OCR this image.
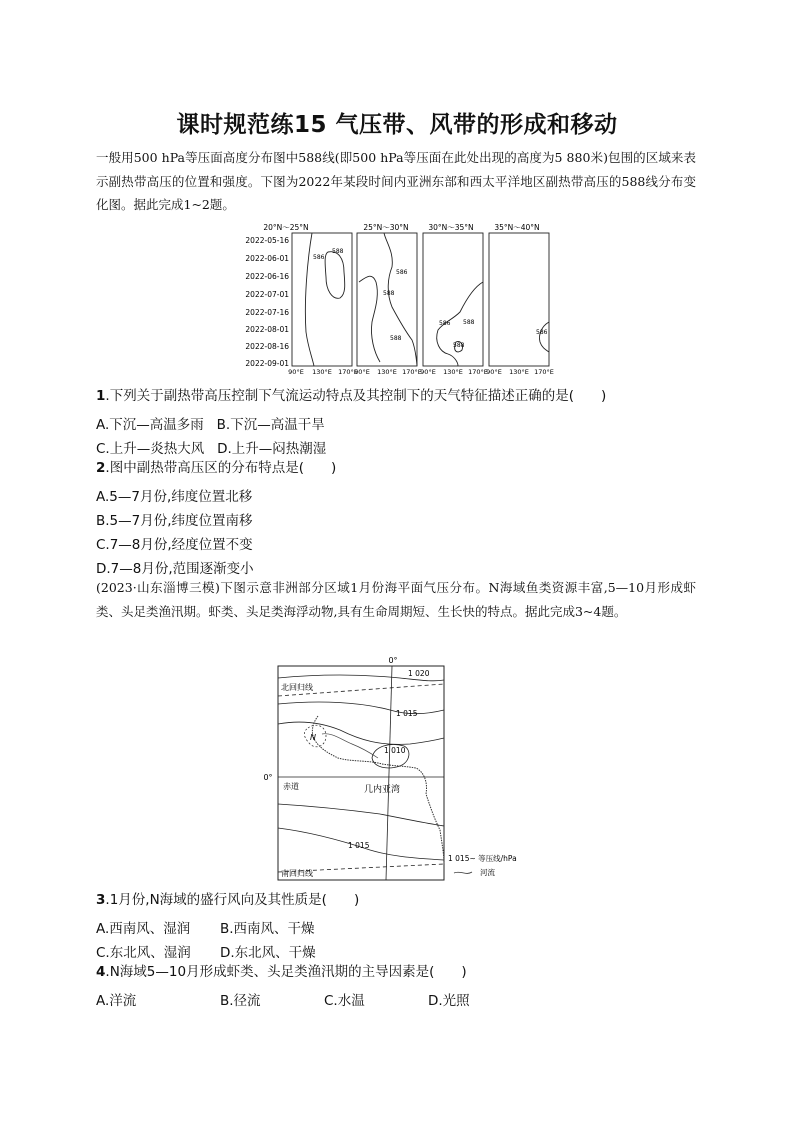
课时规范练15 气压带、风带的形成和移动
一般用500 hPa等压面高度分布图中588线(即500 hPa等压面在此处出现的高度为5 880米)包围的区域来表示副热带高压的位置和强度。下图为2022年某段时间内亚洲东部和西太平洋地区副热带高压的588线分布变化图。据此完成1~2题。
20°N～25°N	25°N～30°N	30°N～35°N	35°N～40°N
2022-05-16
2022-06-01
2022-06-16
2022-07-01
2022-07-16
2022-08-01
2022-08-16
2022-09-01
586
588
586
588
588
586 588
588
586
90°E 130°E 170°E
90°E 130°E 170°E
90°E 130°E 170°E
90°E 130°E 170°E
1.下列关于副热带高压控制下气流运动特点及其控制下的天气特征描述正确的是(　　)
A.下沉—高温多雨 B.下沉—高温干旱
C.上升—炎热大风 D.上升—闷热潮湿
2.图中副热带高压区的分布特点是(　　)
A.5—7月份,纬度位置北移
B.5—7月份,纬度位置南移
C.7—8月份,经度位置不变
D.7—8月份,范围逐渐变小
(2023·山东淄博三模)下图示意非洲部分区域1月份海平面气压分布。N海域鱼类资源丰富,5—10月形成虾类、头足类渔汛期。虾类、头足类海浮动物,具有生命周期短、生长快的特点。据此完成3~4题。
0°
北回归线
赤道
0°
南回归线
1 020
1 015
1 010
1 015
N
几内亚湾
1 015~ 等压线/hPa
河流
3.1月份,N海域的盛行风向及其性质是(　　)
A.西南风、湿润 B.西南风、干燥
C.东北风、湿润 D.东北风、干燥
4.N海域5—10月形成虾类、头足类渔汛期的主导因素是(　　)
A.洋流	B.径流	C.水温	D.光照
